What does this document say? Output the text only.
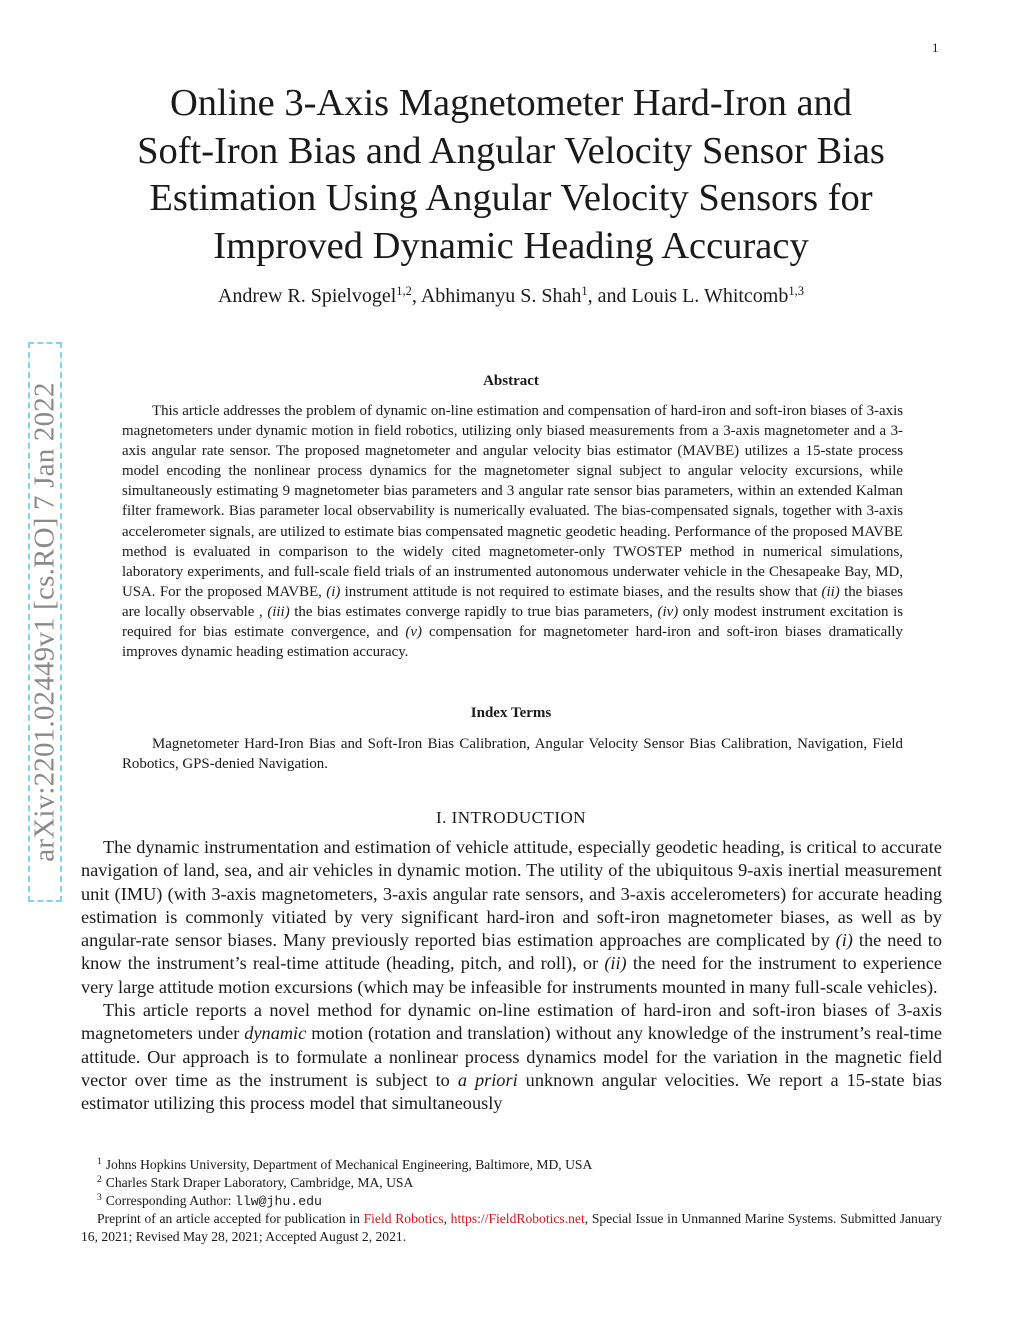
1
arXiv:2201.02449v1 [cs.RO] 7 Jan 2022
Online 3-Axis Magnetometer Hard-Iron and
Soft-Iron Bias and Angular Velocity Sensor Bias
Estimation Using Angular Velocity Sensors for
Improved Dynamic Heading Accuracy
Andrew R. Spielvogel$^{1,2}$, Abhimanyu S. Shah$^1$, and Louis L. Whitcomb$^{1,3}$
Abstract

This article addresses the problem of dynamic on-line estimation and compensation of hard-iron and soft-iron biases of 3-axis magnetometers under dynamic motion in field robotics, utilizing only biased measurements from a 3-axis magnetometer and a 3-axis angular rate sensor. The proposed magnetometer and angular velocity bias estimator (MAVBE) utilizes a 15-state process model encoding the nonlinear process dynamics for the magnetometer signal subject to angular velocity excursions, while simultaneously estimating 9 magnetometer bias parameters and 3 angular rate sensor bias parameters, within an extended Kalman filter framework. Bias parameter local observability is numerically evaluated. The bias-compensated signals, together with 3-axis accelerometer signals, are utilized to estimate bias compensated magnetic geodetic heading. Performance of the proposed MAVBE method is evaluated in comparison to the widely cited magnetometer-only TWOSTEP method in numerical simulations, laboratory experiments, and full-scale field trials of an instrumented autonomous underwater vehicle in the Chesapeake Bay, MD, USA. For the proposed MAVBE, (i) instrument attitude is not required to estimate biases, and the results show that (ii) the biases are locally observable , (iii) the bias estimates converge rapidly to true bias parameters, (iv) only modest instrument excitation is required for bias estimate convergence, and (v) compensation for magnetometer hard-iron and soft-iron biases dramatically improves dynamic heading estimation accuracy.

Index Terms

Magnetometer Hard-Iron Bias and Soft-Iron Bias Calibration, Angular Velocity Sensor Bias Calibration, Navigation, Field Robotics, GPS-denied Navigation.

I. INTRODUCTION

The dynamic instrumentation and estimation of vehicle attitude, especially geodetic heading, is critical to accurate navigation of land, sea, and air vehicles in dynamic motion. The utility of the ubiquitous 9-axis inertial measurement unit (IMU) (with 3-axis magnetometers, 3-axis angular rate sensors, and 3-axis accelerometers) for accurate heading estimation is commonly vitiated by very significant hard-iron and soft-iron magnetometer biases, as well as by angular-rate sensor biases. Many previously reported bias estimation approaches are complicated by (i) the need to know the instrument’s real-time attitude (heading, pitch, and roll), or (ii) the need for the instrument to experience very large attitude motion excursions (which may be infeasible for instruments mounted in many full-scale vehicles).

This article reports a novel method for dynamic on-line estimation of hard-iron and soft-iron biases of 3-axis magnetometers under dynamic motion (rotation and translation) without any knowledge of the instrument’s real-time attitude. Our approach is to formulate a nonlinear process dynamics model for the variation in the magnetic field vector over time as the instrument is subject to a priori unknown angular velocities. We report a 15-state bias estimator utilizing this process model that simultaneously

$^1$ Johns Hopkins University, Department of Mechanical Engineering, Baltimore, MD, USA
$^2$ Charles Stark Draper Laboratory, Cambridge, MA, USA
$^3$ Corresponding Author: llw@jhu.edu

Preprint of an article accepted for publication in Field Robotics, https://FieldRobotics.net, Special Issue in Unmanned Marine Systems. Submitted January 16, 2021; Revised May 28, 2021; Accepted August 2, 2021.
